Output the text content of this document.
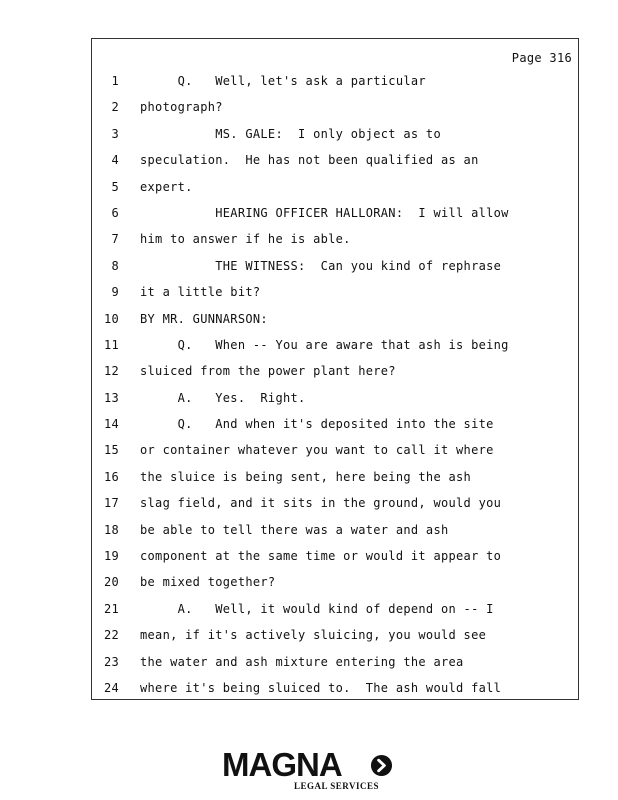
Page 316
1 Q.   Well, let's ask a particular
2 photograph?
3 MS. GALE:  I only object as to
4 speculation.  He has not been qualified as an
5 expert.
6 HEARING OFFICER HALLORAN:  I will allow
7 him to answer if he is able.
8 THE WITNESS:  Can you kind of rephrase
9 it a little bit?
10 BY MR. GUNNARSON:
11 Q.   When -- You are aware that ash is being
12 sluiced from the power plant here?
13 A.   Yes.  Right.
14 Q.   And when it's deposited into the site
15 or container whatever you want to call it where
16 the sluice is being sent, here being the ash
17 slag field, and it sits in the ground, would you
18 be able to tell there was a water and ash
19 component at the same time or would it appear to
20 be mixed together?
21 A.   Well, it would kind of depend on -- I
22 mean, if it's actively sluicing, you would see
23 the water and ash mixture entering the area
24 where it's being sluiced to.  The ash would fall
MAGNA
LEGAL SERVICES
